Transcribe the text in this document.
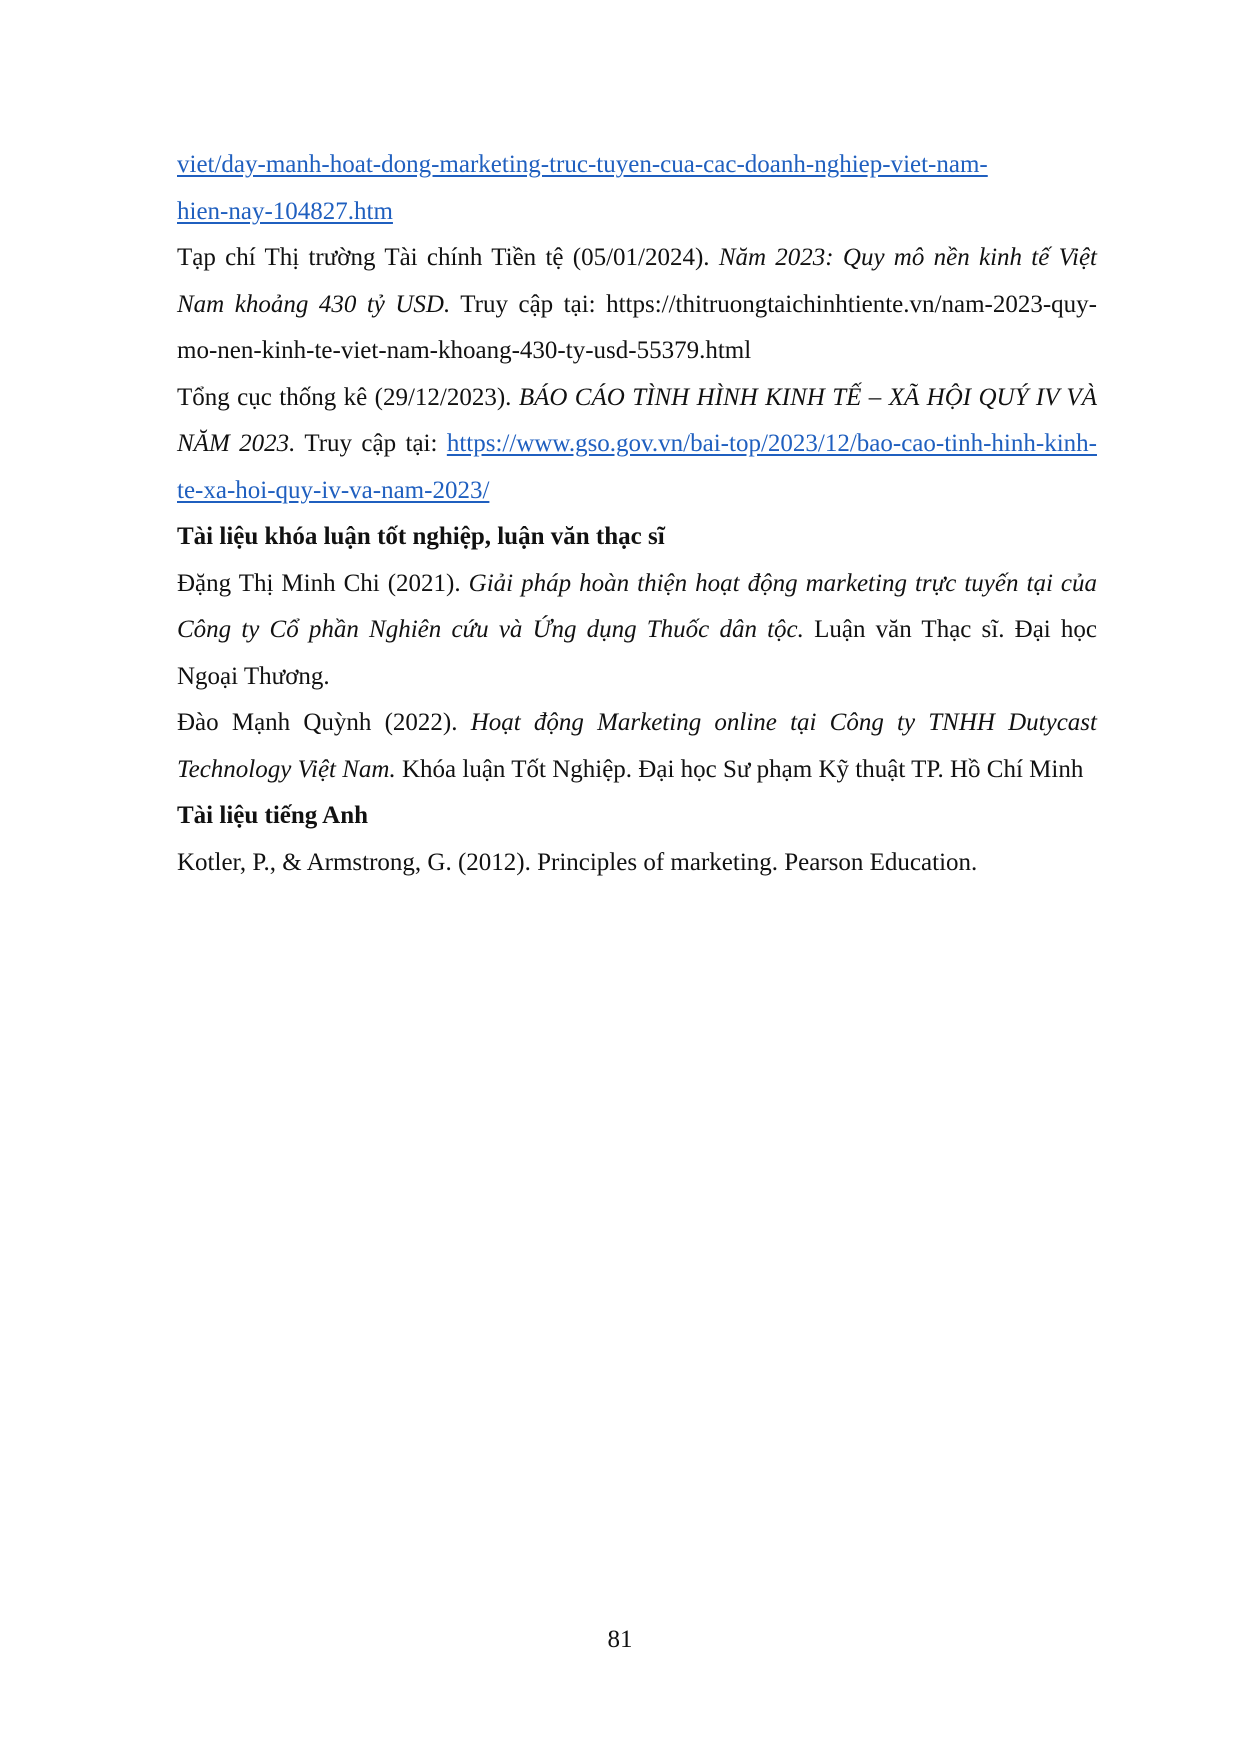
viet/day-manh-hoat-dong-marketing-truc-tuyen-cua-cac-doanh-nghiep-viet-nam-
hien-nay-104827.htm

Tạp chí Thị trường Tài chính Tiền tệ (05/01/2024). Năm 2023: Quy mô nền kinh tế Việt Nam khoảng 430 tỷ USD. Truy cập tại: https://thitruongtaichinhtiente.vn/nam-2023-quy-mo-nen-kinh-te-viet-nam-khoang-430-ty-usd-55379.html

Tổng cục thống kê (29/12/2023). BÁO CÁO TÌNH HÌNH KINH TẾ – XÃ HỘI QUÝ IV VÀ NĂM 2023. Truy cập tại: https://www.gso.gov.vn/bai-top/2023/12/bao-cao-tinh-hinh-kinh-te-xa-hoi-quy-iv-va-nam-2023/

Tài liệu khóa luận tốt nghiệp, luận văn thạc sĩ

Đặng Thị Minh Chi (2021). Giải pháp hoàn thiện hoạt động marketing trực tuyến tại của Công ty Cổ phần Nghiên cứu và Ứng dụng Thuốc dân tộc. Luận văn Thạc sĩ. Đại học Ngoại Thương.

Đào Mạnh Quỳnh (2022). Hoạt động Marketing online tại Công ty TNHH Dutycast Technology Việt Nam. Khóa luận Tốt Nghiệp. Đại học Sư phạm Kỹ thuật TP. Hồ Chí Minh

Tài liệu tiếng Anh

Kotler, P., & Armstrong, G. (2012). Principles of marketing. Pearson Education.

81
